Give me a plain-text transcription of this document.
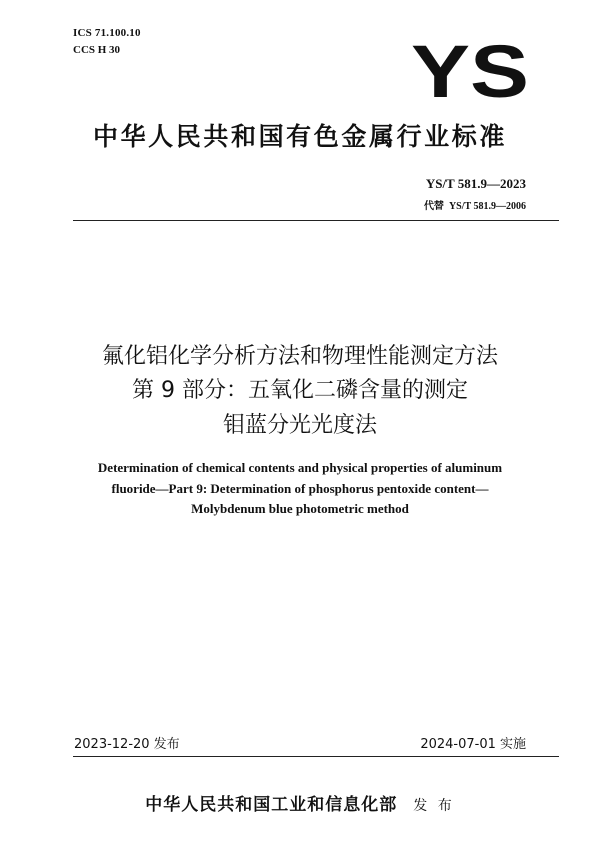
ICS 71.100.10
CCS H 30	YS
中华人民共和国有色金属行业标准
YS/T 581.9—2023
代替 YS/T 581.9—2006
氟化铝化学分析方法和物理性能测定方法
第 9 部分：五氧化二磷含量的测定
钼蓝分光光度法
Determination of chemical contents and physical properties of aluminum
fluoride—Part 9: Determination of phosphorus pentoxide content—
Molybdenum blue photometric method
2023-12-20 发布	2024-07-01 实施
中华人民共和国工业和信息化部 发 布
